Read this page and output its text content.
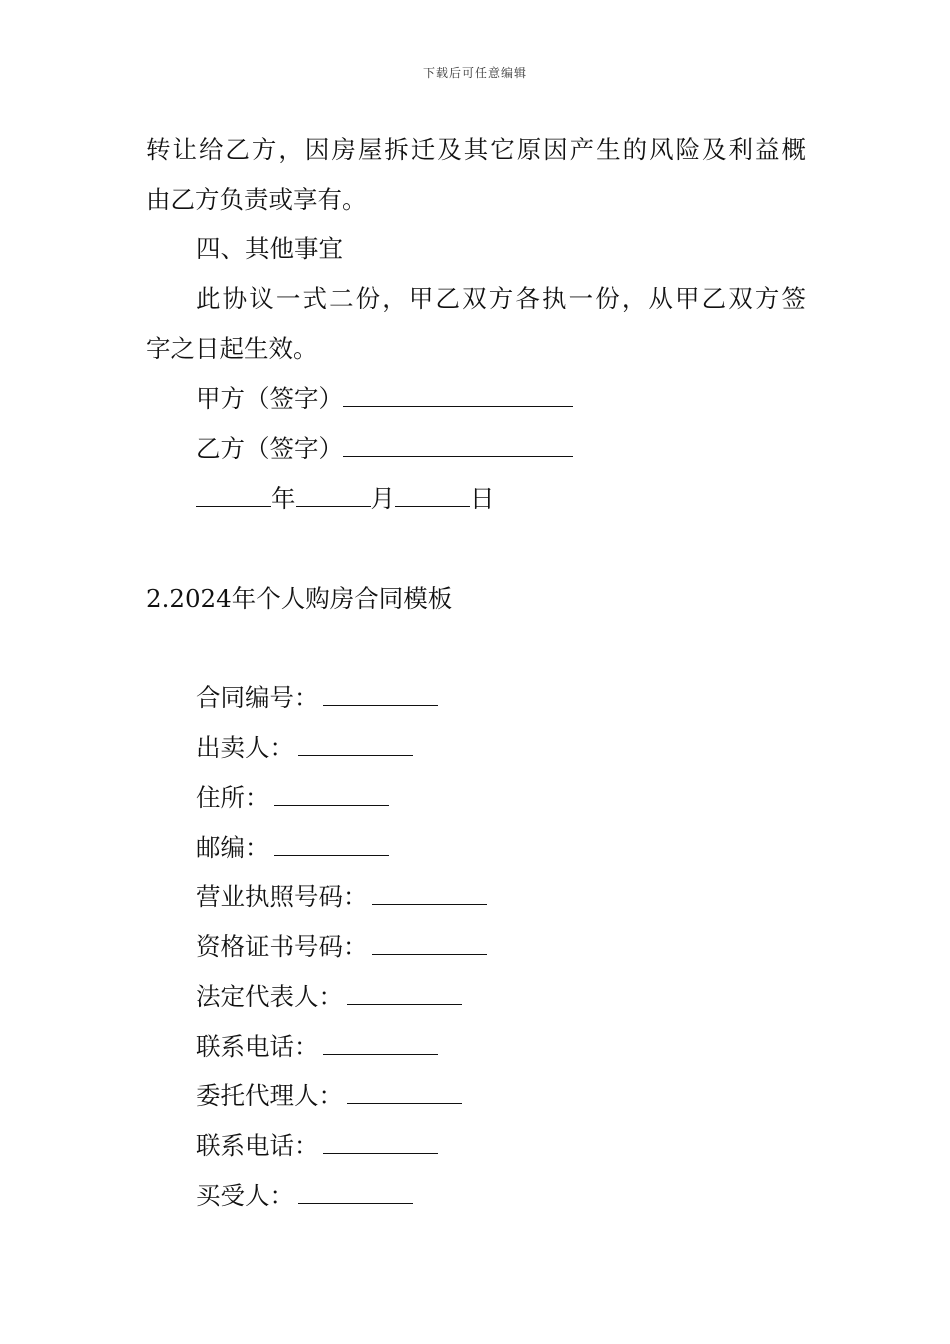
下载后可任意编辑
转让给乙方，因房屋拆迁及其它原因产生的风险及利益概
由乙方负责或享有。
四、其他事宜
此协议一式二份，甲乙双方各执一份，从甲乙双方签
字之日起生效。
甲方（签字）
乙方（签字）
年	月	日
2.2024年个人购房合同模板
合同编号：
出卖人：
住所：
邮编：
营业执照号码：
资格证书号码：
法定代表人：
联系电话：
委托代理人：
联系电话：
买受人：
